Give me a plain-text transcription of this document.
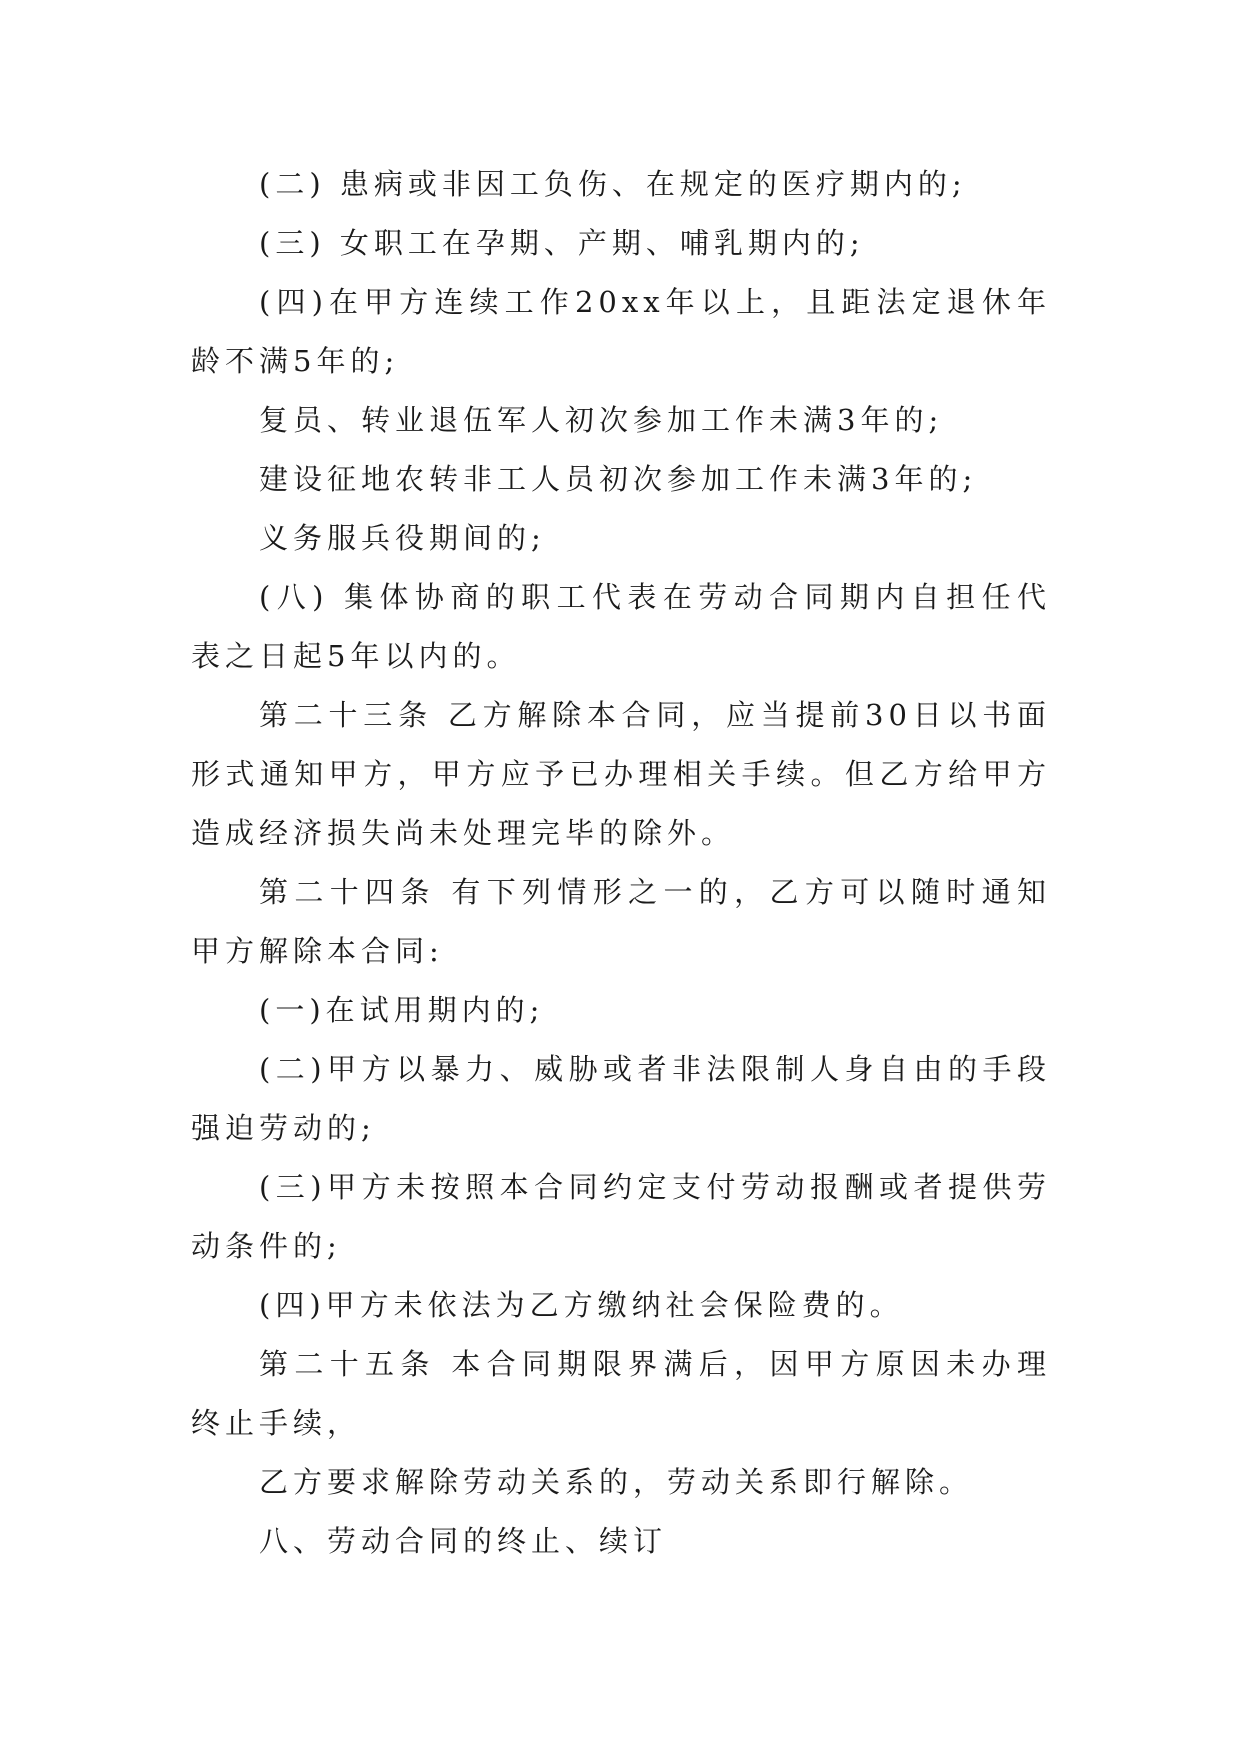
(二) 患病或非因工负伤、在规定的医疗期内的;

(三) 女职工在孕期、产期、哺乳期内的;

(四)在甲方连续工作20xx年以上，且距法定退休年龄不满5年的;

复员、转业退伍军人初次参加工作未满3年的;

建设征地农转非工人员初次参加工作未满3年的;

义务服兵役期间的;

(八) 集体协商的职工代表在劳动合同期内自担任代表之日起5年以内的。

第二十三条 乙方解除本合同，应当提前30日以书面形式通知甲方，甲方应予已办理相关手续。但乙方给甲方造成经济损失尚未处理完毕的除外。

第二十四条 有下列情形之一的，乙方可以随时通知甲方解除本合同:

(一)在试用期内的;

(二)甲方以暴力、威胁或者非法限制人身自由的手段强迫劳动的;

(三)甲方未按照本合同约定支付劳动报酬或者提供劳动条件的;

(四)甲方未依法为乙方缴纳社会保险费的。

第二十五条 本合同期限界满后，因甲方原因未办理终止手续，

乙方要求解除劳动关系的，劳动关系即行解除。

八、劳动合同的终止、续订
